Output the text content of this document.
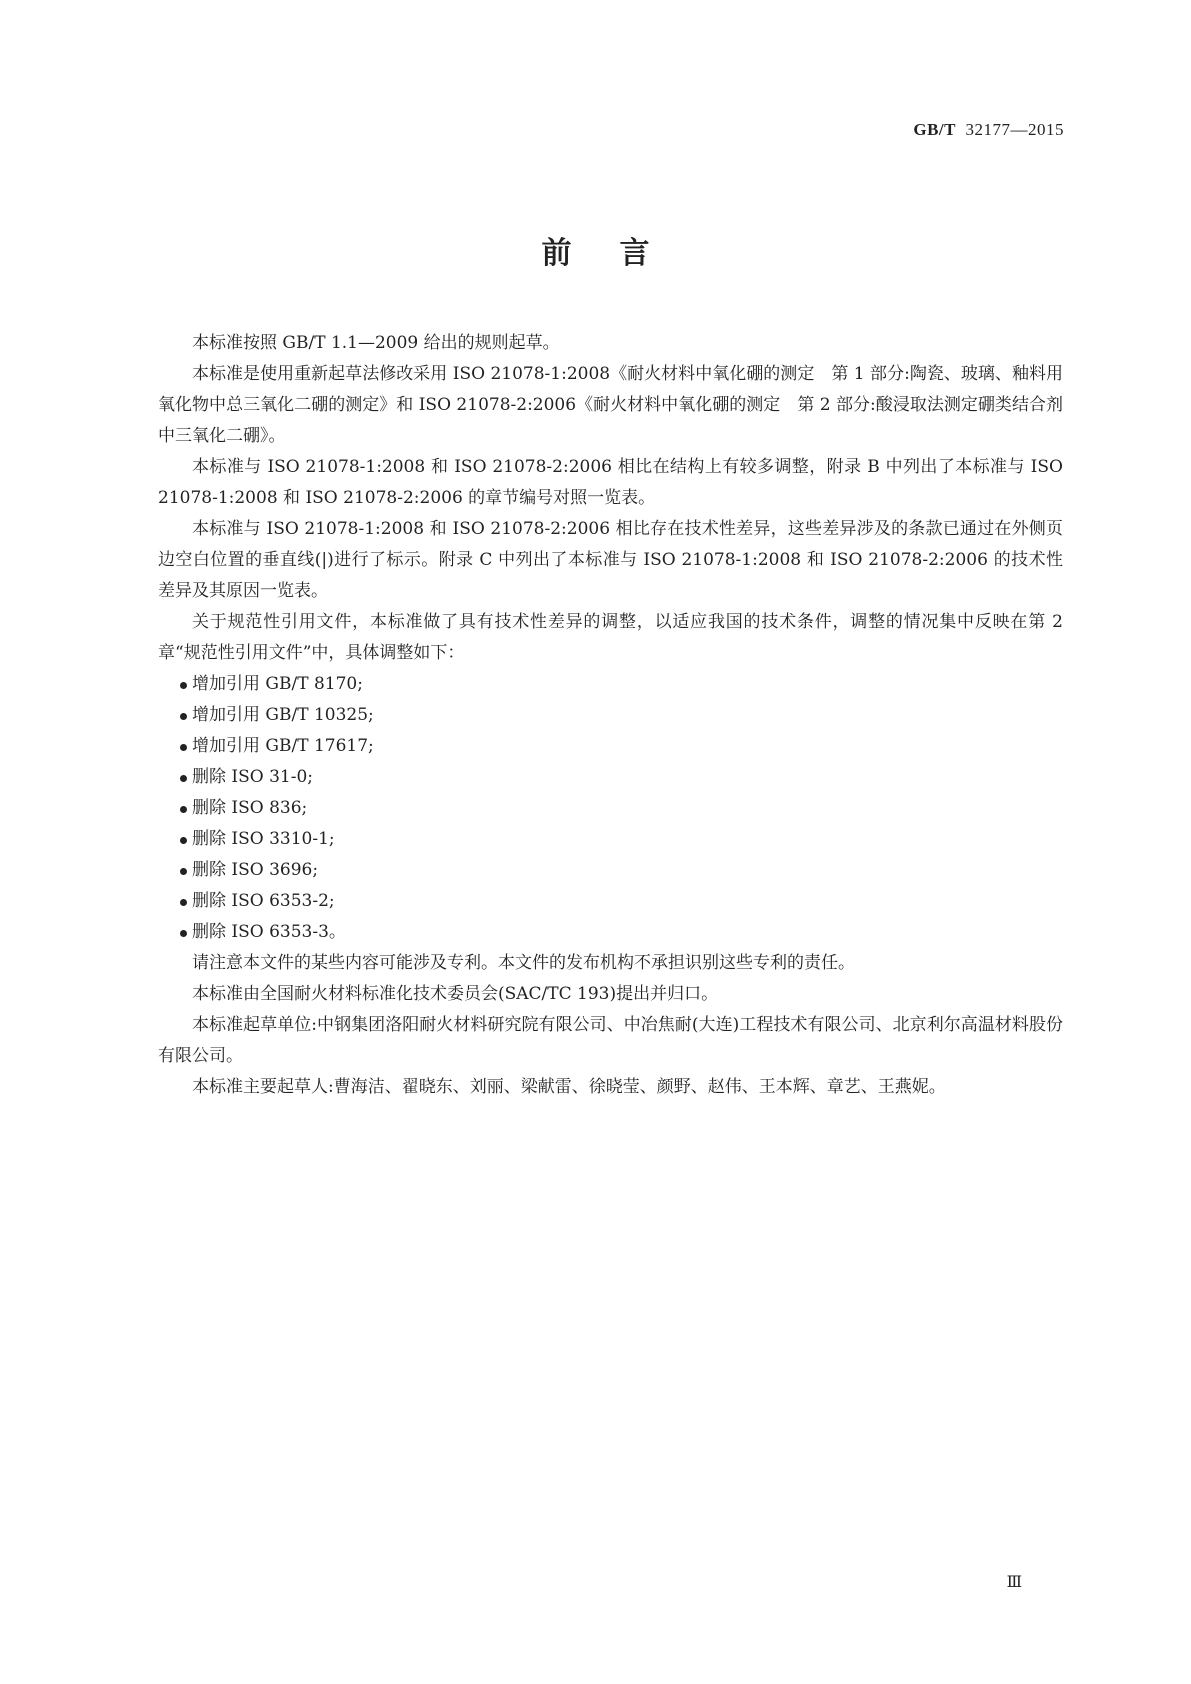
GB/T 32177—2015
前言

本标准按照 GB/T 1.1—2009 给出的规则起草。

本标准是使用重新起草法修改采用 ISO 21078-1:2008《耐火材料中氧化硼的测定　第 1 部分:陶瓷、玻璃、釉料用氧化物中总三氧化二硼的测定》和 ISO 21078-2:2006《耐火材料中氧化硼的测定　第 2 部分:酸浸取法测定硼类结合剂中三氧化二硼》。

本标准与 ISO 21078-1:2008 和 ISO 21078-2:2006 相比在结构上有较多调整，附录 B 中列出了本标准与 ISO 21078-1:2008 和 ISO 21078-2:2006 的章节编号对照一览表。

本标准与 ISO 21078-1:2008 和 ISO 21078-2:2006 相比存在技术性差异，这些差异涉及的条款已通过在外侧页边空白位置的垂直线(|)进行了标示。附录 C 中列出了本标准与 ISO 21078-1:2008 和 ISO 21078-2:2006 的技术性差异及其原因一览表。

关于规范性引用文件，本标准做了具有技术性差异的调整，以适应我国的技术条件，调整的情况集中反映在第 2 章“规范性引用文件”中，具体调整如下：

增加引用 GB/T 8170;
增加引用 GB/T 10325;
增加引用 GB/T 17617;
删除 ISO 31-0;
删除 ISO 836;
删除 ISO 3310-1;
删除 ISO 3696;
删除 ISO 6353-2;
删除 ISO 6353-3。

请注意本文件的某些内容可能涉及专利。本文件的发布机构不承担识别这些专利的责任。

本标准由全国耐火材料标准化技术委员会(SAC/TC 193)提出并归口。

本标准起草单位:中钢集团洛阳耐火材料研究院有限公司、中冶焦耐(大连)工程技术有限公司、北京利尔高温材料股份有限公司。

本标准主要起草人:曹海洁、翟晓东、刘丽、梁献雷、徐晓莹、颜野、赵伟、王本辉、章艺、王燕妮。

Ⅲ
